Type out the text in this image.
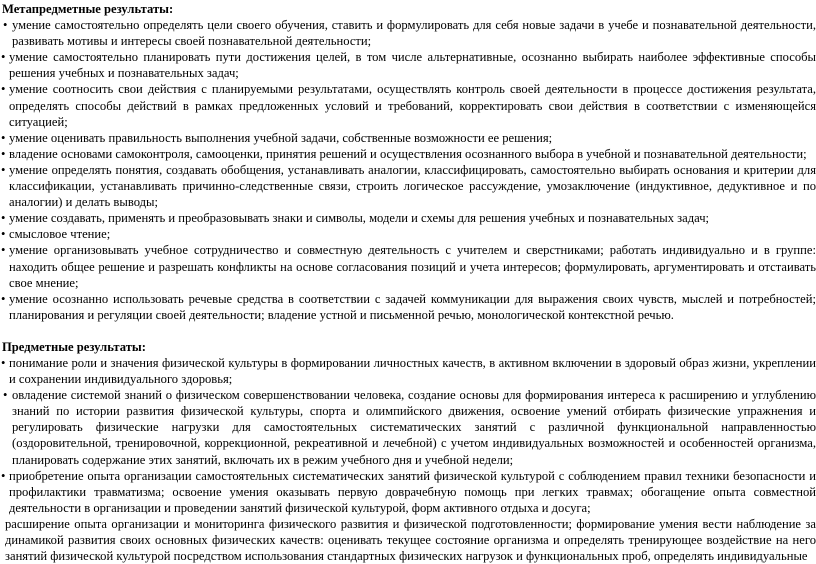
Метапредметные результаты:
• умение самостоятельно определять цели своего обучения, ставить и формулировать для себя новые задачи в учебе и познавательной деятельности, развивать мотивы и интересы своей познавательной деятельности;
• умение самостоятельно планировать пути достижения целей, в том числе альтернативные, осознанно выбирать наиболее эффективные способы решения учебных и познавательных задач;
• умение соотносить свои действия с планируемыми результатами, осуществлять контроль своей деятельности в процессе достижения результата, определять способы действий в рамках предложенных условий и требований, корректировать свои действия в соответствии с изменяющейся ситуацией;
• умение оценивать правильность выполнения учебной задачи, собственные возможности ее решения;
• владение основами самоконтроля, самооценки, принятия решений и осуществления осознанного выбора в учебной и познавательной деятельности;
• умение определять понятия, создавать обобщения, устанавливать аналогии, классифицировать, самостоятельно выбирать основания и критерии для классификации, устанавливать причинно-следственные связи, строить логическое рассуждение, умозаключение (индуктивное, дедуктивное и по аналогии) и делать выводы;
• умение создавать, применять и преобразовывать знаки и символы, модели и схемы для решения учебных и познавательных задач;
• смысловое чтение;
• умение организовывать учебное сотрудничество и совместную деятельность с учителем и сверстниками; работать индивидуально и в группе: находить общее решение и разрешать конфликты на основе согласования позиций и учета интересов; формулировать, аргументировать и отстаивать свое мнение;
• умение осознанно использовать речевые средства в соответствии с задачей коммуникации для выражения своих чувств, мыслей и потребностей; планирования и регуляции своей деятельности; владение устной и письменной речью, монологической контекстной речью.
Предметные результаты:
• понимание роли и значения физической культуры в формировании личностных качеств, в активном включении в здоровый образ жизни, укреплении и сохранении индивидуального здоровья;
• овладение системой знаний о физическом совершенствовании человека, создание основы для формирования интереса к расширению и углублению знаний по истории развития физической культуры, спорта и олимпийского движения, освоение умений отбирать физические упражнения и регулировать физические нагрузки для самостоятельных систематических занятий с различной функциональной направленностью (оздоровительной, тренировочной, коррекционной, рекреативной и лечебной) с учетом индивидуальных возможностей и особенностей организма, планировать содержание этих занятий, включать их в режим учебного дня и учебной недели;
• приобретение опыта организации самостоятельных систематических занятий физической культурой с соблюдением правил техники безопасности и профилактики травматизма; освоение умения оказывать первую доврачебную помощь при легких травмах; обогащение опыта совместной деятельности в организации и проведении занятий физической культурой, форм активного отдыха и досуга;

расширение опыта организации и мониторинга физического развития и физической подготовленности; формирование умения вести наблюдение за динамикой развития своих основных физических качеств: оценивать текущее состояние организма и определять тренирующее воздействие на него занятий физической культурой посредством использования стандартных физических нагрузок и функциональных проб, определять индивидуальные
